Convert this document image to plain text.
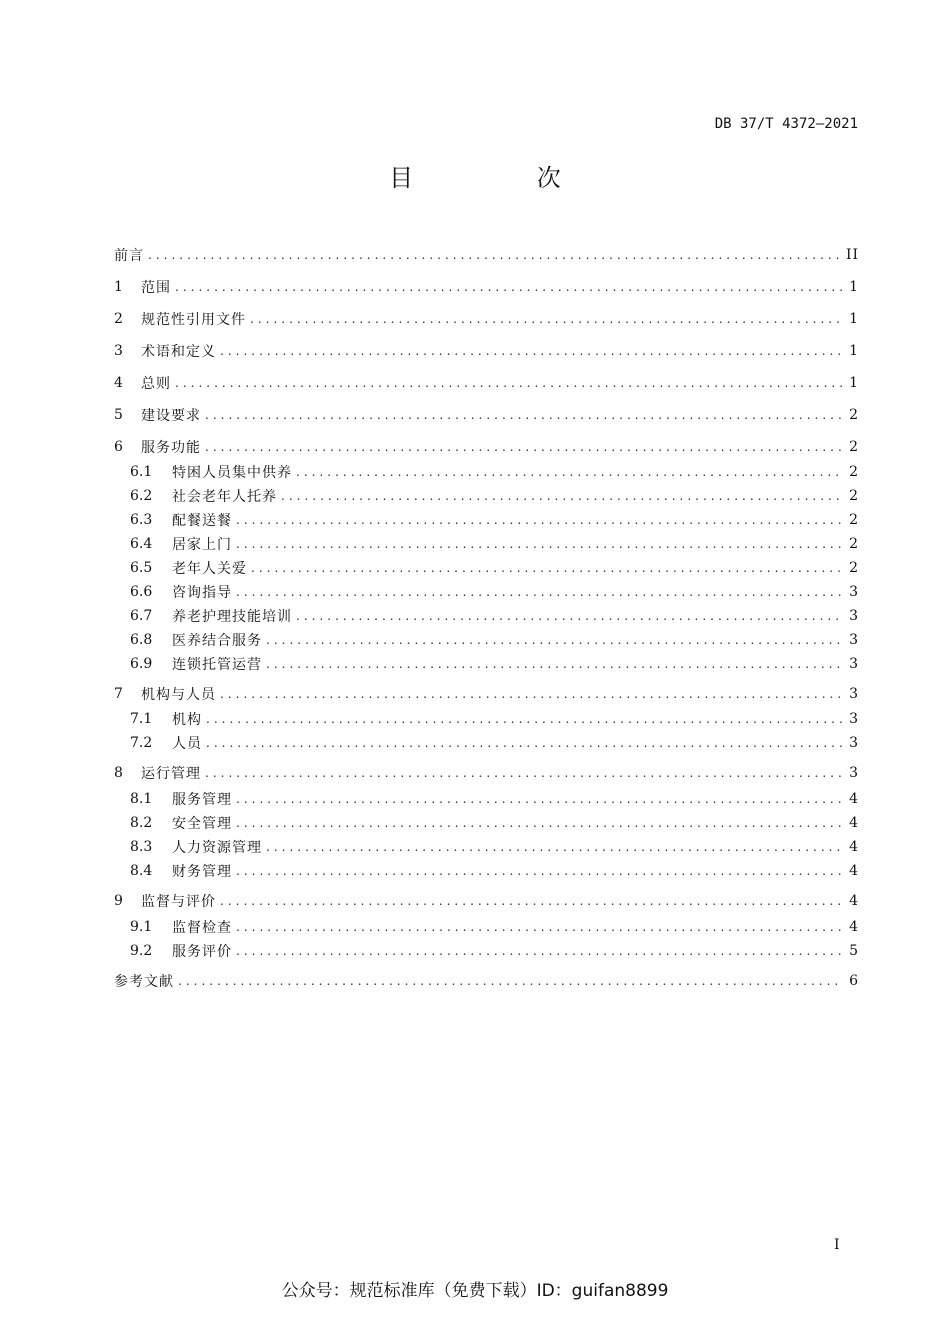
DB 37/T 4372—2021
目 次
前言 .....	II
1	范围 .....	1
2	规范性引用文件 .....	1
3	术语和定义 .....	1
4	总则 .....	1
5	建设要求 .....	2
6	服务功能 .....	2
6.1	特困人员集中供养 .....	2
6.2	社会老年人托养 .....	2
6.3	配餐送餐 .....	2
6.4	居家上门 .....	2
6.5	老年人关爱 .....	2
6.6	咨询指导 .....	3
6.7	养老护理技能培训 .....	3
6.8	医养结合服务 .....	3
6.9	连锁托管运营 .....	3
7	机构与人员 .....	3
7.1	机构 .....	3
7.2	人员 .....	3
8	运行管理 .....	3
8.1	服务管理 .....	4
8.2	安全管理 .....	4
8.3	人力资源管理 .....	4
8.4	财务管理 .....	4
9	监督与评价 .....	4
9.1	监督检查 .....	4
9.2	服务评价 .....	5
参考文献 .....	6
I
公众号：规范标准库（免费下载）ID：guifan8899
